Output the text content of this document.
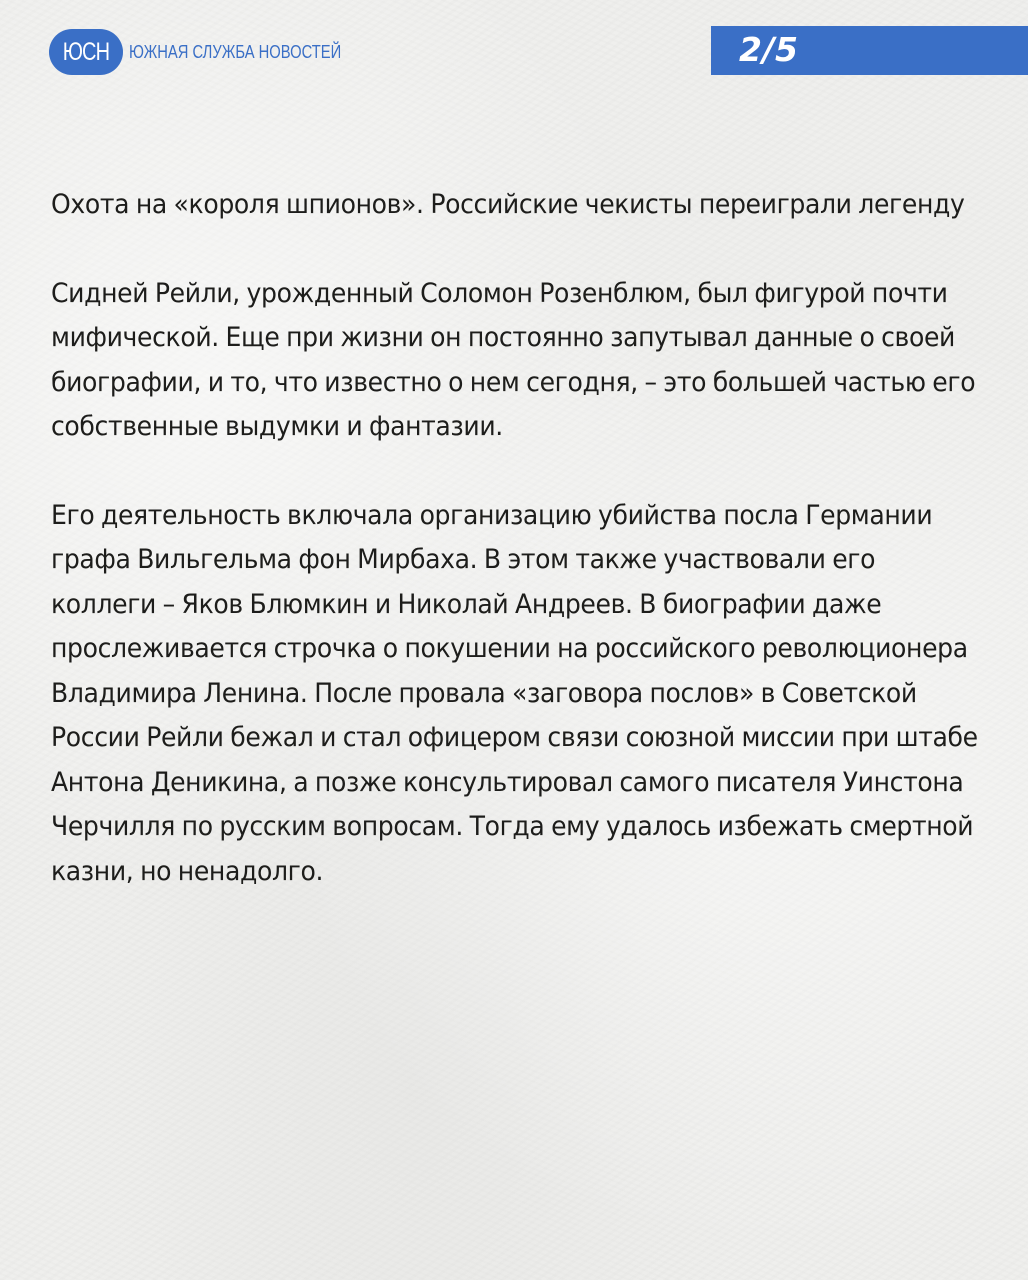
ЮСН ЮЖНАЯ СЛУЖБА НОВОСТЕЙ	2/5

Охота на «короля шпионов». Российские чекисты переиграли легенду

Сидней Рейли, урожденный Соломон Розенблюм, был фигурой почти мифической. Еще при жизни он постоянно запутывал данные о своей биографии, и то, что известно о нем сегодня, – это большей частью его собственные выдумки и фантазии.

Его деятельность включала организацию убийства посла Германии графа Вильгельма фон Мирбаха. В этом также участвовали его коллеги – Яков Блюмкин и Николай Андреев. В биографии даже прослеживается строчка о покушении на российского революционера Владимира Ленина. После провала «заговора послов» в Советской России Рейли бежал и стал офицером связи союзной миссии при штабе Антона Деникина, а позже консультировал самого писателя Уинстона Черчилля по русским вопросам. Тогда ему удалось избежать смертной казни, но ненадолго.
